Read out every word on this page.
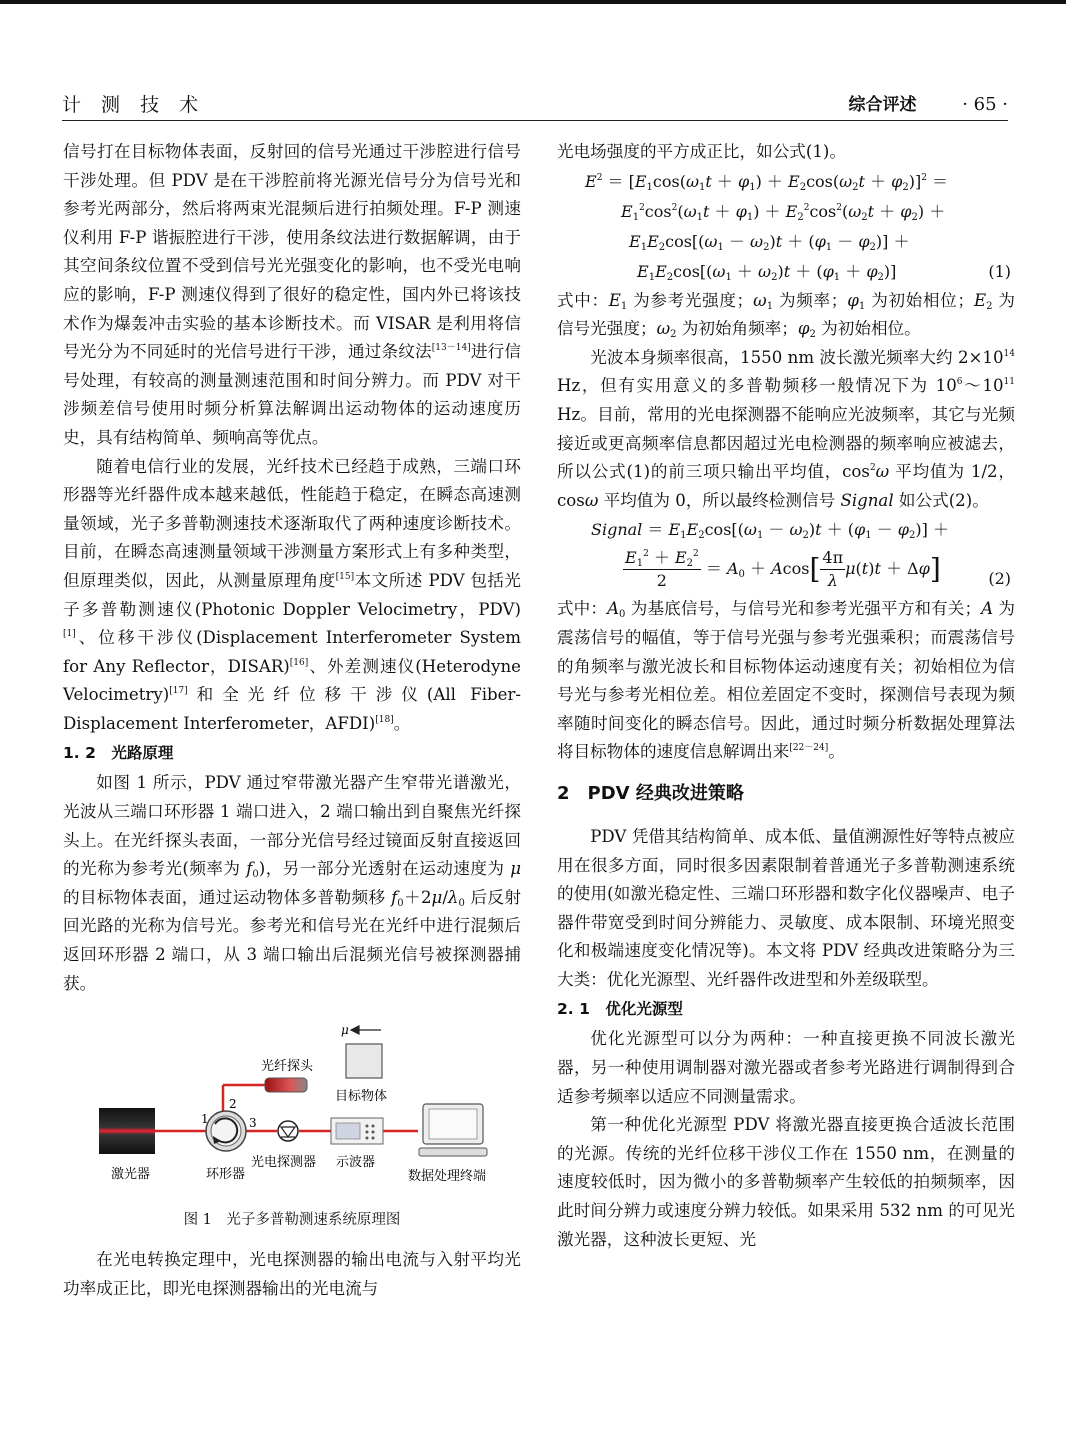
计 测 技 术	综合评述	· 65 ·

信号打在目标物体表面，反射回的信号光通过干涉腔进行信号干涉处理。但 PDV 是在干涉腔前将光源光信号分为信号光和参考光两部分，然后将两束光混频后进行拍频处理。F-P 测速仪利用 F-P 谐振腔进行干涉，使用条纹法进行数据解调，由于其空间条纹位置不受到信号光光强变化的影响，也不受光电响应的影响，F-P 测速仪得到了很好的稳定性，国内外已将该技术作为爆轰冲击实验的基本诊断技术。而 VISAR 是利用将信号光分为不同延时的光信号进行干涉，通过条纹法[13－14]进行信号处理，有较高的测量测速范围和时间分辨力。而 PDV 对干涉频差信号使用时频分析算法解调出运动物体的运动速度历史，具有结构简单、频响高等优点。

随着电信行业的发展，光纤技术已经趋于成熟，三端口环形器等光纤器件成本越来越低，性能趋于稳定，在瞬态高速测量领域，光子多普勒测速技术逐渐取代了两种速度诊断技术。目前，在瞬态高速测量领域干涉测量方案形式上有多种类型，但原理类似，因此，从测量原理角度[15]本文所述 PDV 包括光子多普勒测速仪(Photonic Doppler Velocimetry，PDV)[1]、位移干涉仪(Displacement Interferometer System for Any Reflector，DISAR)[16]、外差测速仪(Heterodyne Velocimetry)[17]和全光纤位移干涉仪(All Fiber-Displacement Interferometer，AFDI)[18]。

1. 2　光路原理

如图 1 所示，PDV 通过窄带激光器产生窄带光谱激光，光波从三端口环形器 1 端口进入，2 端口输出到自聚焦光纤探头上。在光纤探头表面，一部分光信号经过镜面反射直接返回的光称为参考光(频率为 $f_0$)，另一部分光透射在运动速度为 μ 的目标物体表面，通过运动物体多普勒频移 $f_0+2\mu/\lambda_0$ 后反射回光路的光称为信号光。参考光和信号光在光纤中进行混频后返回环形器 2 端口，从 3 端口输出后混频光信号被探测器捕获。

激光器
1
2
3
环形器
光纤探头
目标物体
μ
光电探测器 示波器
数据处理终端

图 1　光子多普勒测速系统原理图

在光电转换定理中，光电探测器的输出电流与入射平均光功率成正比，即光电探测器输出的光电流与

光电场强度的平方成正比，如公式(1)。

$E^2 = [E_1\cos(\omega_1t + \varphi_1) + E_2\cos(\omega_2t + \varphi_2)]^2$ ＝
$E_1^2\cos^2(\omega_1t + \varphi_1) + E_2^2\cos^2(\omega_2t + \varphi_2)$ ＋
$E_1E_2\cos[(\omega_1 - \omega_2)t + (\varphi_1 - \varphi_2)]$ ＋
$E_1E_2\cos[(\omega_1 + \omega_2)t + (\varphi_1 + \varphi_2)]$	(1)

式中：$E_1$ 为参考光强度；$\omega_1$ 为频率；$\varphi_1$ 为初始相位；$E_2$ 为信号光强度；$\omega_2$ 为初始角频率；$\varphi_2$ 为初始相位。

光波本身频率很高，1550 nm 波长激光频率大约 $2\times 10^{14}$ Hz，但有实用意义的多普勒频移一般情况下为 $10^6\sim 10^{11}$ Hz。目前，常用的光电探测器不能响应光波频率，其它与光频接近或更高频率信息都因超过光电检测器的频率响应被滤去，所以公式(1)的前三项只输出平均值，$\cos^2\omega$ 平均值为 1/2，cosω 平均值为 0，所以最终检测信号 Signal 如公式(2)。

Signal ＝ $E_1E_2\cos[(\omega_1 - \omega_2)t + (\varphi_1 - \varphi_2)]$ ＋
$\frac{E_1^2 + E_2^2}{2} = A_0 + Acos[ \frac{4\pi}{\lambda} \mu(t)t + \Delta\varphi]$	(2)

式中：$A_0$ 为基底信号，与信号光和参考光强平方和有关；A 为震荡信号的幅值，等于信号光强与参考光强乘积；而震荡信号的角频率与激光波长和目标物体运动速度有关；初始相位为信号光与参考光相位差。相位差固定不变时，探测信号表现为频率随时间变化的瞬态信号。因此，通过时频分析数据处理算法将目标物体的速度信息解调出来[22－24]。

2　PDV 经典改进策略

PDV 凭借其结构简单、成本低、量值溯源性好等特点被应用在很多方面，同时很多因素限制着普通光子多普勒测速系统的使用(如激光稳定性、三端口环形器和数字化仪器噪声、电子器件带宽受到时间分辨能力、灵敏度、成本限制、环境光照变化和极端速度变化情况等)。本文将 PDV 经典改进策略分为三大类：优化光源型、光纤器件改进型和外差级联型。

2. 1　优化光源型

优化光源型可以分为两种：一种直接更换不同波长激光器，另一种使用调制器对激光器或者参考光路进行调制得到合适参考频率以适应不同测量需求。

第一种优化光源型 PDV 将激光器直接更换合适波长范围的光源。传统的光纤位移干涉仪工作在 1550 nm，在测量的速度较低时，因为微小的多普勒频率产生较低的拍频频率，因此时间分辨力或速度分辨力较低。如果采用 532 nm 的可见光激光器，这种波长更短、光
